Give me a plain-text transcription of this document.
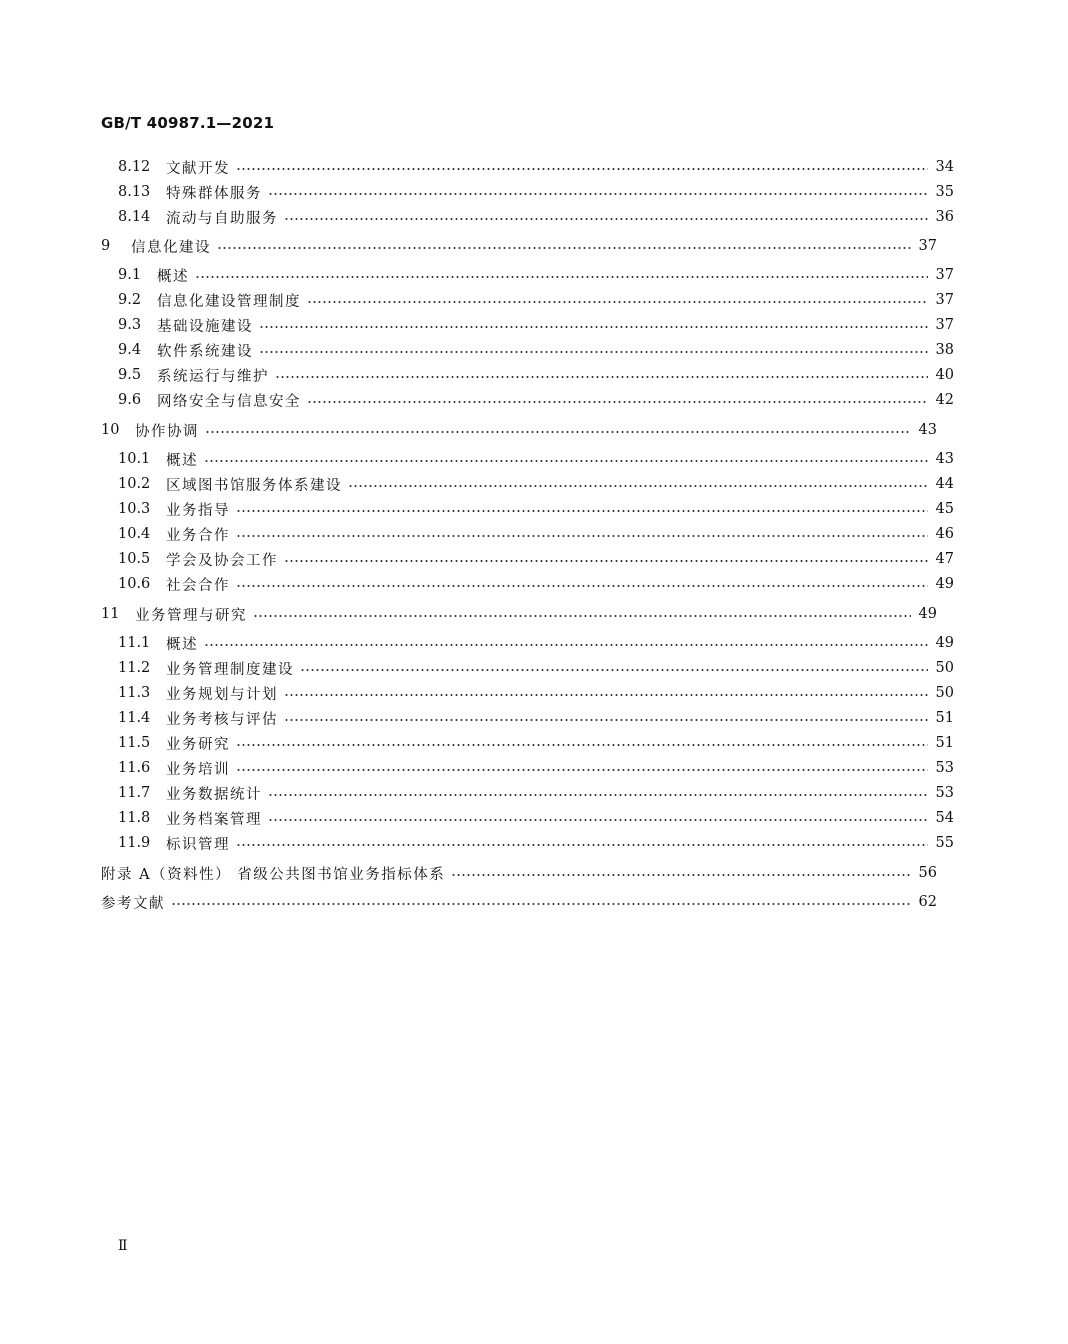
GB/T 40987.1—2021
8.12	文献开发	34
8.13	特殊群体服务	35
8.14	流动与自助服务	36
9	信息化建设	37
9.1	概述	37
9.2	信息化建设管理制度	37
9.3	基础设施建设	37
9.4	软件系统建设	38
9.5	系统运行与维护	40
9.6	网络安全与信息安全	42
10	协作协调	43
10.1	概述	43
10.2	区域图书馆服务体系建设	44
10.3	业务指导	45
10.4	业务合作	46
10.5	学会及协会工作	47
10.6	社会合作	49
11	业务管理与研究	49
11.1	概述	49
11.2	业务管理制度建设	50
11.3	业务规划与计划	50
11.4	业务考核与评估	51
11.5	业务研究	51
11.6	业务培训	53
11.7	业务数据统计	53
11.8	业务档案管理	54
11.9	标识管理	55
附录 A（资料性） 省级公共图书馆业务指标体系	56
参考文献	62
Ⅱ
